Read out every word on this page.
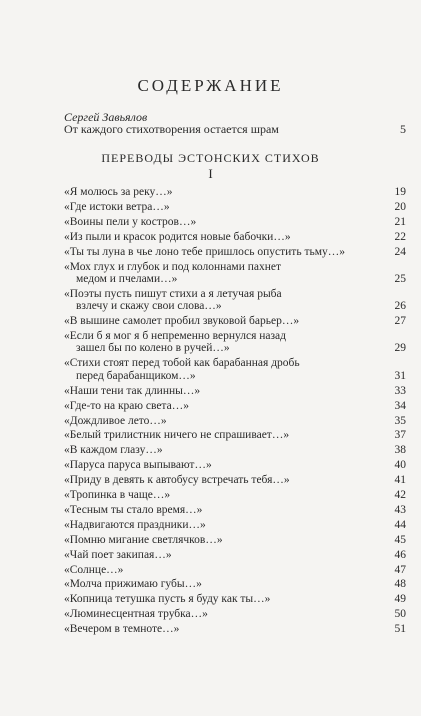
СОДЕРЖАНИЕ
Сергей Завьялов
От каждого стихотворения остается шрам	5
ПЕРЕВОДЫ ЭСТОНСКИХ СТИХОВ
I
«Я молюсь за реку…»	19
«Где истоки ветра…»	20
«Воины пели у костров…»	21
«Из пыли и красок родится новые бабочки…»	22
«Ты ты луна в чье лоно тебе пришлось опустить тьму…»	24
«Мох глух и глубок и под колоннами пахнет
медом и пчелами…»	25
«Поэты пусть пишут стихи а я летучая рыба
взлечу и скажу свои слова…»	26
«В вышине самолет пробил звуковой барьер…»	27
«Если б я мог я б непременно вернулся назад
зашел бы по колено в ручей…»	29
«Стихи стоят перед тобой как барабанная дробь
перед барабанщиком…»	31
«Наши тени так длинны…»	33
«Где-то на краю света…»	34
«Дождливое лето…»	35
«Белый трилистник ничего не спрашивает…»	37
«В каждом глазу…»	38
«Паруса паруса выпывают…»	40
«Приду в девять к автобусу встречать тебя…»	41
«Тропинка в чаще…»	42
«Тесным ты стало время…»	43
«Надвигаются праздники…»	44
«Помню мигание светлячков…»	45
«Чай поет закипая…»	46
«Солнце…»	47
«Молча прижимаю губы…»	48
«Копница тетушка пусть я буду как ты…»	49
«Люминесцентная трубка…»	50
«Вечером в темноте…»	51
